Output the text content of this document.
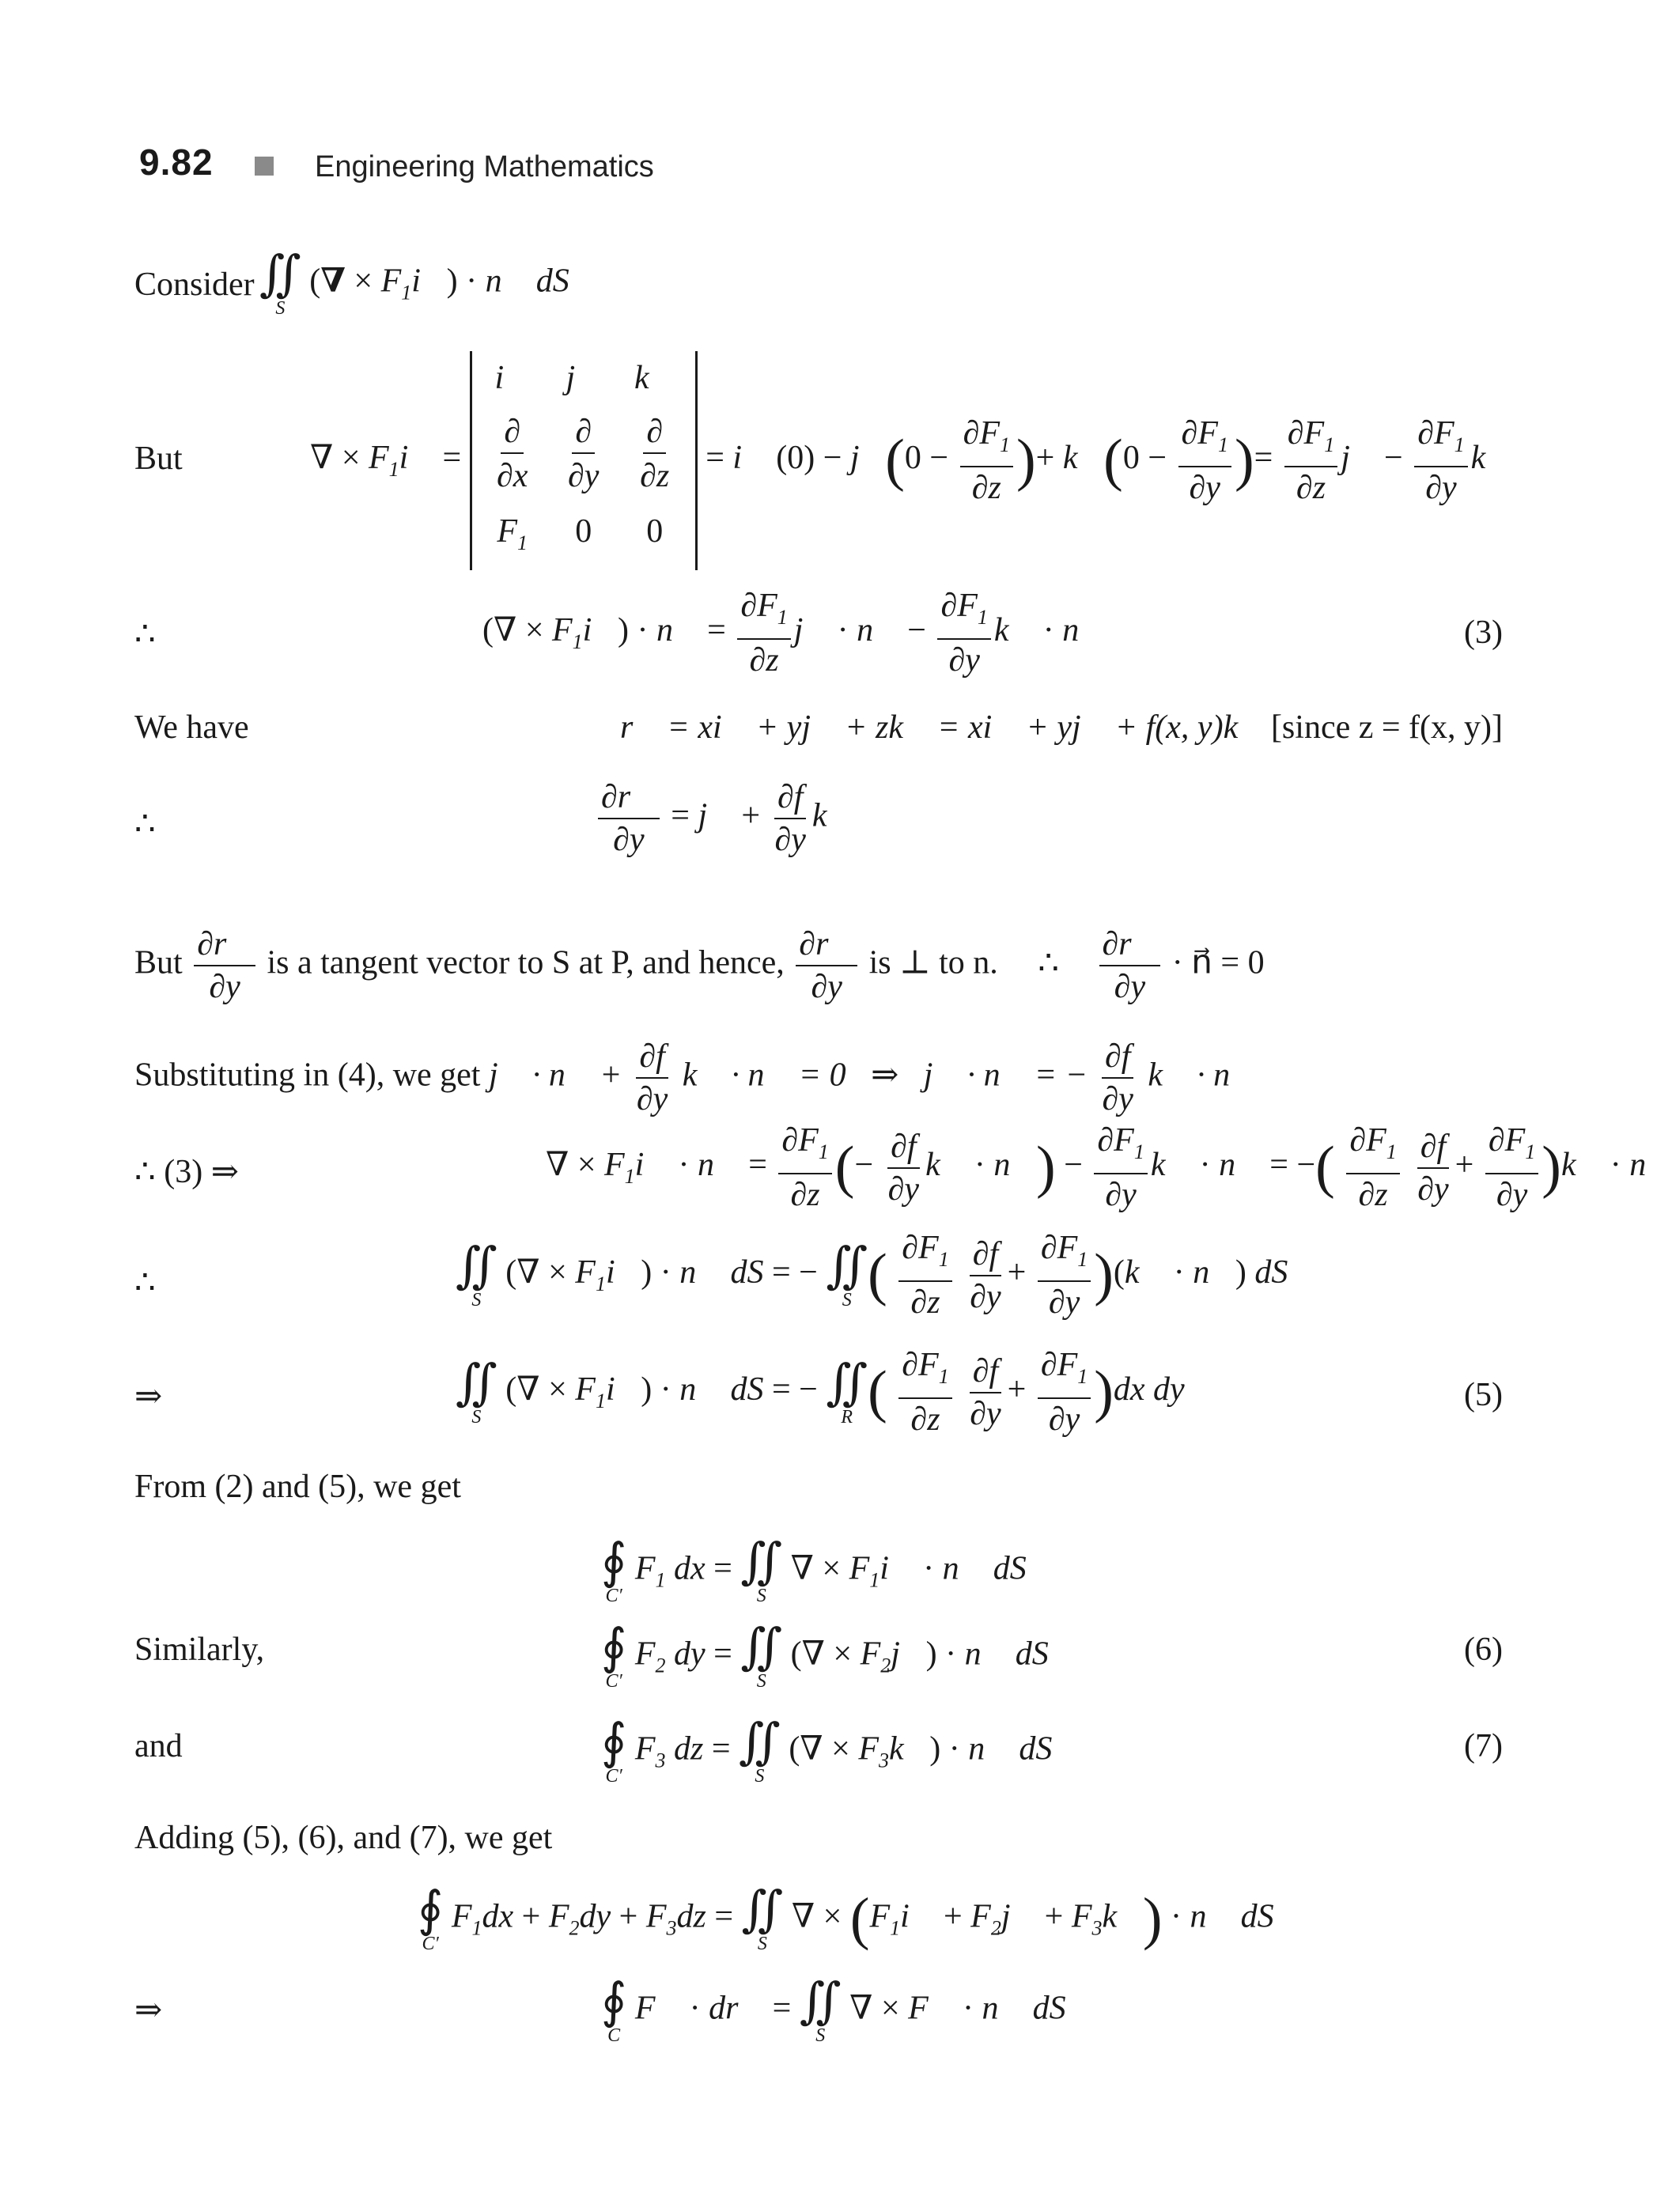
9.82	Engineering Mathematics
Consider ∬
S
(∇ × $F_1i⃗$) · n⃗ dS
But	∇ × $F_1i⃗$ =
i⃗	j⃗	k⃗
$\frac{\partial}{\partial x} \frac{\partial}{\partial y} \frac{\partial}{\partial z}$
$F_1$	0	0
= i⃗ (0) − j⃗(0 − $\frac{\partial F_1}{\partial z}$ )+ k⃗(0 − $\frac{\partial F_1}{\partial y}$ )= $\frac{\partial F_1}{\partial z}$ j⃗ − $\frac{\partial F_1}{\partial y}$ k⃗
∴	(∇ × $F_1i⃗$) · n⃗ = $\frac{\partial F_1}{\partial z}$ j⃗ · n⃗ − $\frac{\partial F_1}{\partial y}$ k⃗ · n⃗	(3)
We have	r⃗ = xi⃗ + yj⃗ + zk⃗ = xi⃗ + yj⃗ + f(x, y)k⃗ [since z = f(x, y)]
∴	$\frac{\partial r⃗}{\partial y}$ = j⃗ + $\frac{\partial f}{\partial y}$ k⃗
But $\frac{\partial r⃗}{\partial y}$ is a tangent vector to S at P, and hence, $\frac{\partial r⃗}{\partial y}$ is ⊥ to n. ∴ $\frac{\partial r⃗}{\partial y}$ · n⃗ = 0
Substituting in (4), we get j⃗ · n⃗ + $\frac{\partial f}{\partial y}$ k⃗ · n⃗ = 0   ⇒   j⃗ · n⃗ = − $\frac{\partial f}{\partial y}$ k⃗ · n⃗
∴ (3) ⇒	∇ × $F_1i⃗$ · n⃗ = $\frac{\partial F_1}{\partial z}$ (− $\frac{\partial f}{\partial y}$ k⃗ · n⃗) − $\frac{\partial F_1}{\partial y}$ k⃗ · n⃗ = −( $\frac{\partial F_1}{\partial z}$
$\frac{\partial f}{\partial y} + \frac{\partial F_1}{\partial y}$ )k⃗ · n⃗
∴	∬
S
(∇ × $F_1i⃗$) · n⃗ dS = − ∬
S ( $\frac{\partial F_1}{\partial z}$
$\frac{\partial f}{\partial y} + \frac{\partial F_1}{\partial y}$ )(k⃗ · n⃗) dS
⇒	∬
S
(∇ × $F_1i⃗$) · n⃗ dS = − ∬
R ( $\frac{\partial F_1}{\partial z}$
$\frac{\partial f}{\partial y} + \frac{\partial F_1}{\partial y} )dx$ dy	(5)
From (2) and (5), we get
∮
C′
$F_1$ dx = ∬
S
∇ × $F_1i⃗$ · n⃗ dS
Similarly,	∮
C′
$F_2$ dy = ∬
S
(∇ × $F_2j⃗$) · n⃗ dS	(6)
and	∮
C′
$F_3$ dz = ∬
S
(∇ × $F_3k⃗$) · n⃗ dS	(7)
Adding (5), (6), and (7), we get
∮
C′
$F_1dx + F_2dy + F_3dz$ = ∬
S
∇ × ($F_1i⃗$ + $F_2j⃗$ + $F_3k⃗$) · n⃗ dS
⇒	∮
C
F⃗ · dr⃗ = ∬
S
∇ × F⃗ · n⃗ dS
